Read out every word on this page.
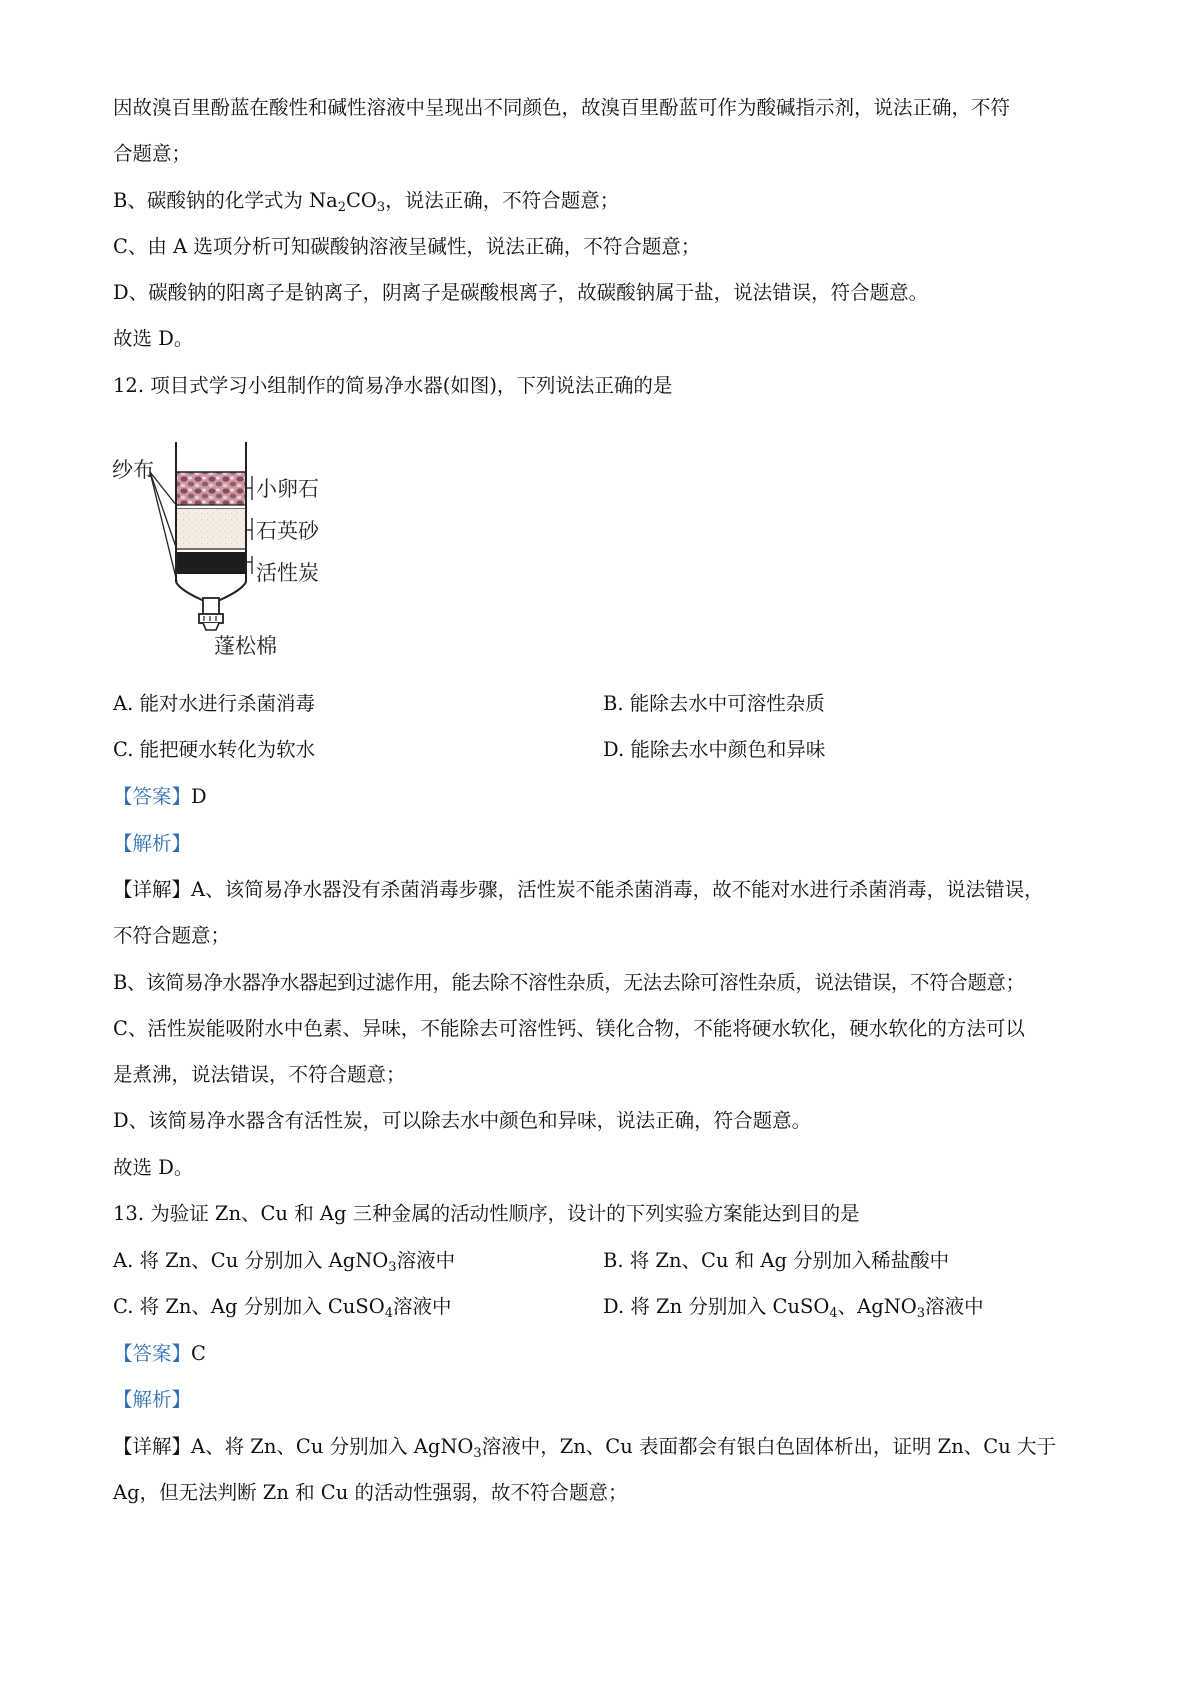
因故溴百里酚蓝在酸性和碱性溶液中呈现出不同颜色，故溴百里酚蓝可作为酸碱指示剂，说法正确，不符
合题意；
B、碳酸钠的化学式为 $Na_2CO_3$，说法正确，不符合题意；
C、由 A 选项分析可知碳酸钠溶液呈碱性，说法正确，不符合题意；
D、碳酸钠的阳离子是钠离子，阴离子是碳酸根离子，故碳酸钠属于盐，说法错误，符合题意。
故选 D。
12. 项目式学习小组制作的简易净水器(如图)，下列说法正确的是
纱布
小卵石
石英砂
活性炭
蓬松棉
A. 能对水进行杀菌消毒	B. 能除去水中可溶性杂质
C. 能把硬水转化为软水	D. 能除去水中颜色和异味
【答案】D
【解析】
【详解】A、该简易净水器没有杀菌消毒步骤，活性炭不能杀菌消毒，故不能对水进行杀菌消毒，说法错误，
不符合题意；
B、该简易净水器净水器起到过滤作用，能去除不溶性杂质，无法去除可溶性杂质，说法错误，不符合题意；
C、活性炭能吸附水中色素、异味，不能除去可溶性钙、镁化合物，不能将硬水软化，硬水软化的方法可以
是煮沸，说法错误，不符合题意；
D、该简易净水器含有活性炭，可以除去水中颜色和异味，说法正确，符合题意。
故选 D。
13. 为验证 Zn、Cu 和 Ag 三种金属的活动性顺序，设计的下列实验方案能达到目的是
A. 将 Zn、Cu 分别加入 AgNO$_3$溶液中	B. 将 Zn、Cu 和 Ag 分别加入稀盐酸中
C. 将 Zn、Ag 分别加入 CuSO$_4$溶液中	D. 将 Zn 分别加入 CuSO$_4$、AgNO$_3$溶液中
【答案】C
【解析】
【详解】A、将 Zn、Cu 分别加入 AgNO$_3$溶液中，Zn、Cu 表面都会有银白色固体析出，证明 Zn、Cu 大于
Ag，但无法判断 Zn 和 Cu 的活动性强弱，故不符合题意；
